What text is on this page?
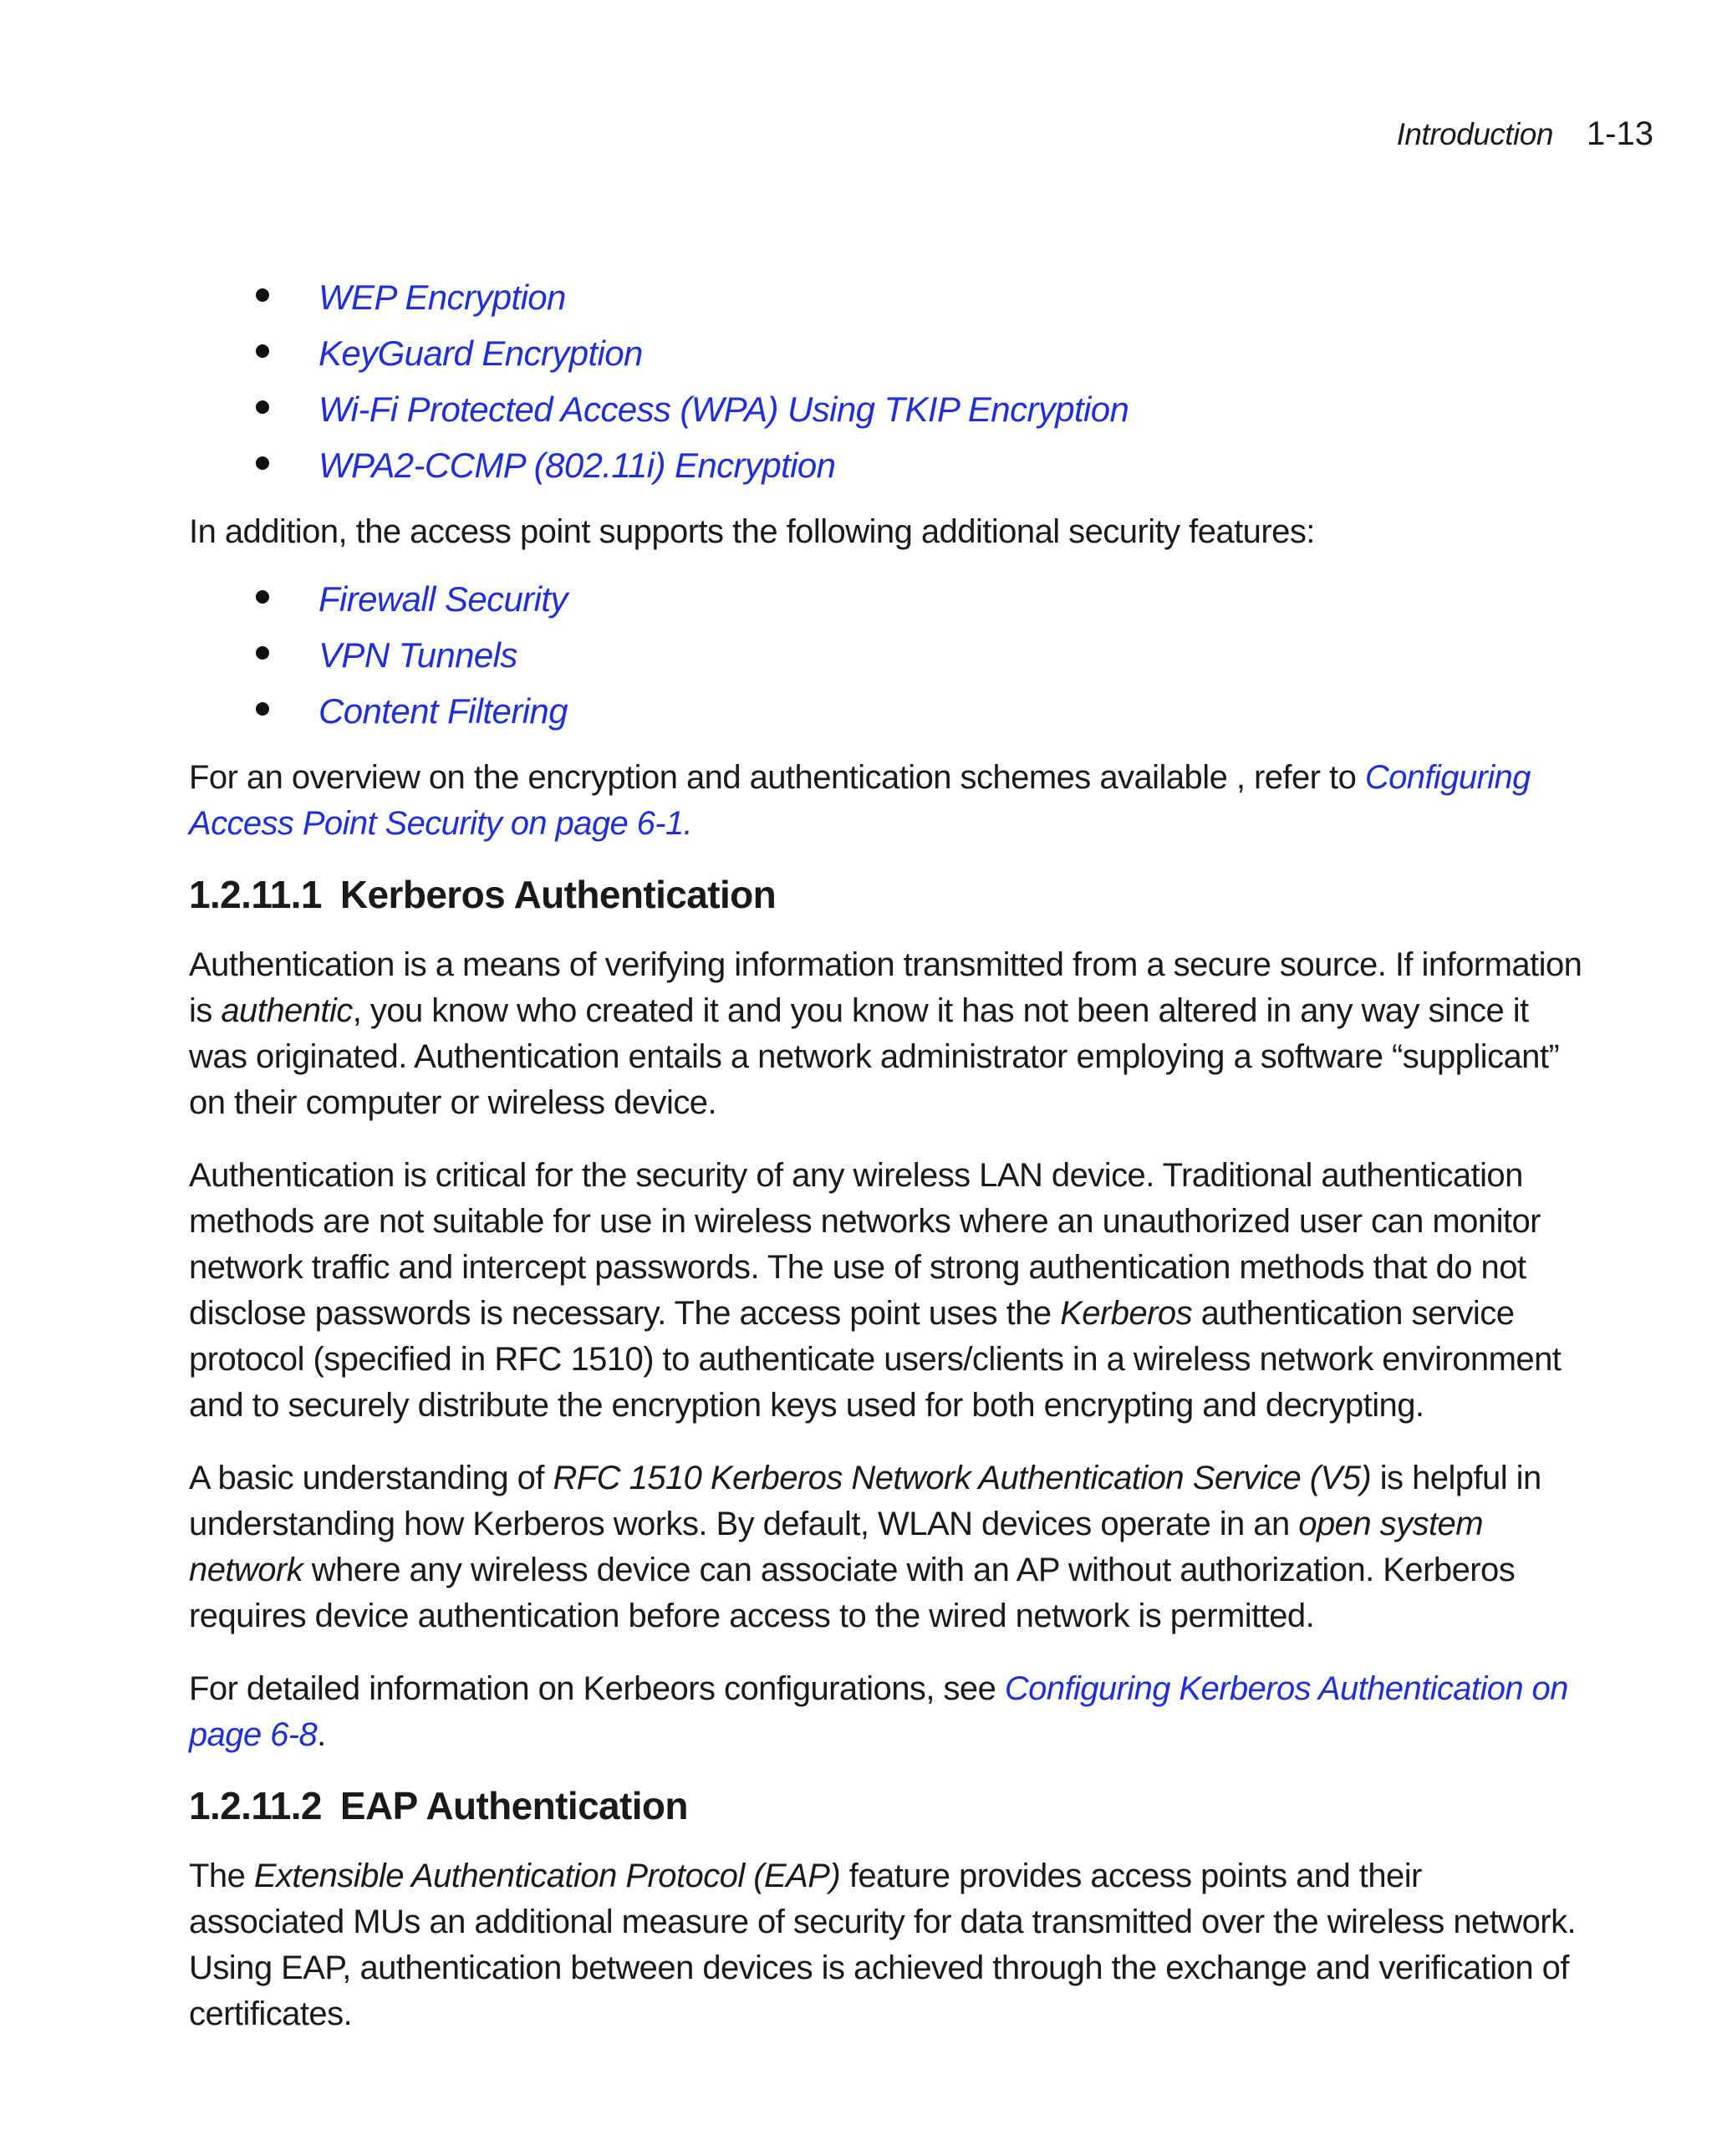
Introduction 1-13
WEP Encryption
KeyGuard Encryption
Wi-Fi Protected Access (WPA) Using TKIP Encryption
WPA2-CCMP (802.11i) Encryption

In addition, the access point supports the following additional security features:

Firewall Security
VPN Tunnels
Content Filtering

For an overview on the encryption and authentication schemes available , refer to Configuring Access Point Security on page 6-1.

1.2.11.1 Kerberos Authentication

Authentication is a means of verifying information transmitted from a secure source. If information is authentic, you know who created it and you know it has not been altered in any way since it was originated. Authentication entails a network administrator employing a software “supplicant” on their computer or wireless device.

Authentication is critical for the security of any wireless LAN device. Traditional authentication methods are not suitable for use in wireless networks where an unauthorized user can monitor network traffic and intercept passwords. The use of strong authentication methods that do not disclose passwords is necessary. The access point uses the Kerberos authentication service protocol (specified in RFC 1510) to authenticate users/clients in a wireless network environment and to securely distribute the encryption keys used for both encrypting and decrypting.

A basic understanding of RFC 1510 Kerberos Network Authentication Service (V5) is helpful in understanding how Kerberos works. By default, WLAN devices operate in an open system network where any wireless device can associate with an AP without authorization. Kerberos requires device authentication before access to the wired network is permitted.

For detailed information on Kerbeors configurations, see Configuring Kerberos Authentication on page 6-8.

1.2.11.2 EAP Authentication

The Extensible Authentication Protocol (EAP) feature provides access points and their associated MUs an additional measure of security for data transmitted over the wireless network. Using EAP, authentication between devices is achieved through the exchange and verification of certificates.
